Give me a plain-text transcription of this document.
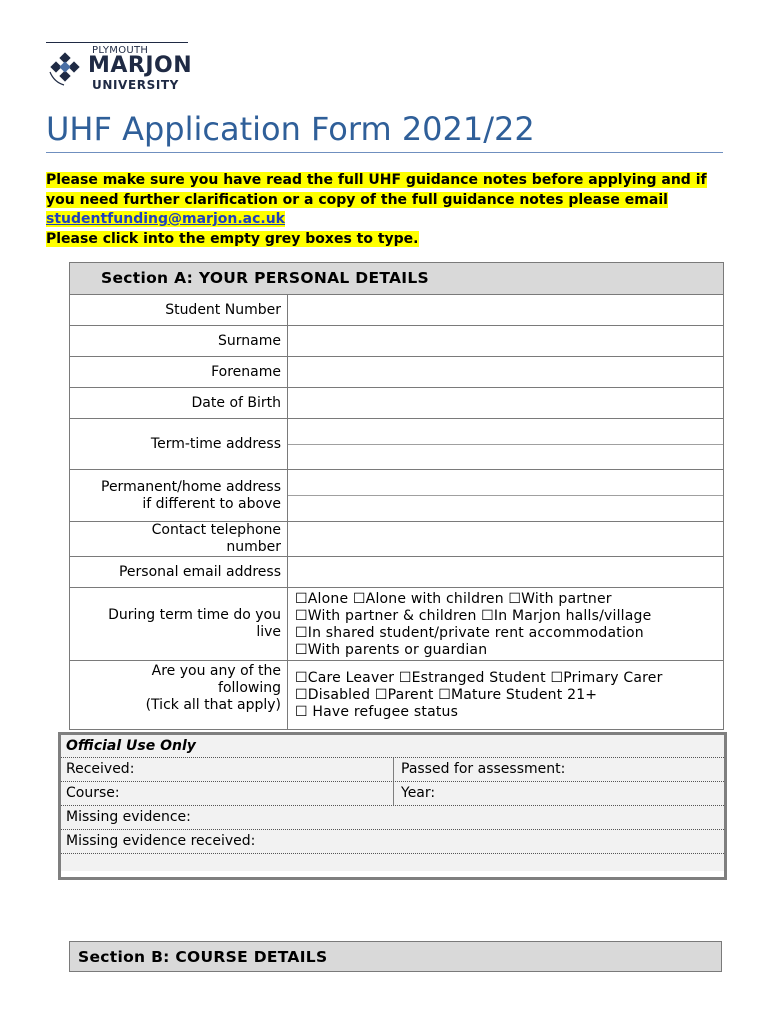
PLYMOUTH
MARJON
UNIVERSITY
UHF Application Form 2021/22
Please make sure you have read the full UHF guidance notes before applying and if you need further clarification or a copy of the full guidance notes please email studentfunding@marjon.ac.uk
Please click into the empty grey boxes to type.
Section A: YOUR PERSONAL DETAILS
Student Number
Surname
Forename
Date of Birth
Term-time address
Permanent/home address
if different to above
Contact telephone
number
Personal email address
During term time do you
live
☐Alone ☐Alone with children ☐With partner
☐With partner & children ☐In Marjon halls/village
☐In shared student/private rent accommodation
☐With parents or guardian
Are you any of the
following
(Tick all that apply)
☐Care Leaver ☐Estranged Student ☐Primary Carer
☐Disabled ☐Parent ☐Mature Student 21+
☐ Have refugee status
Official Use Only
Received:	Passed for assessment:
Course:	Year:
Missing evidence:
Missing evidence received:
Section B: COURSE DETAILS
